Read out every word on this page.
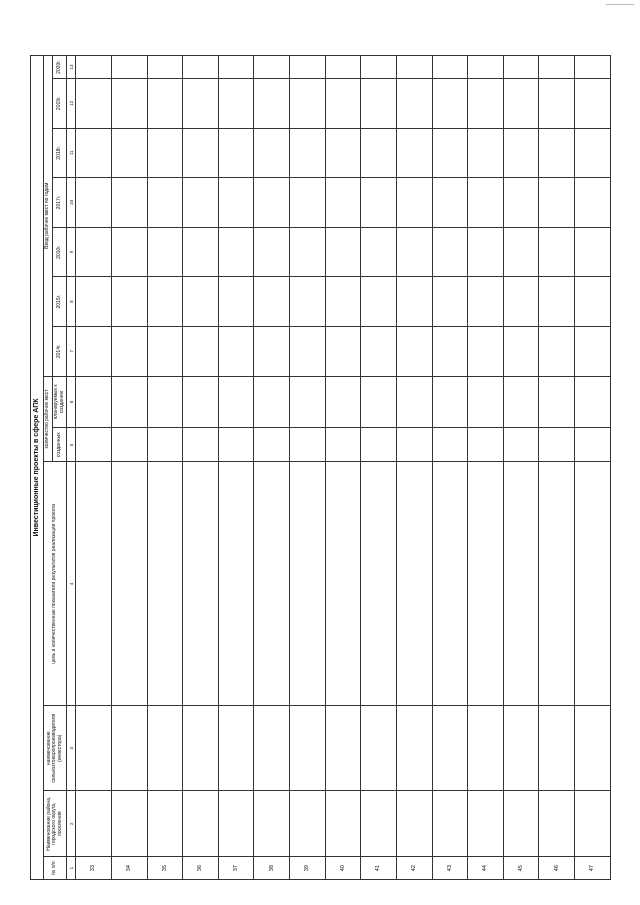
Инвестиционные проекты в сфере АПК												
№ п/п	Наименование района, городского округа, поселения	наименование сельхозтоваропроизводителя (инвестора)	цель и количественные показатели результатов реализации проекта	количество рабочих мест		Ввод рабочих мест по годам						
				созданных	планируемых к созданию	2014г.	2015г.	2016г.	2017г.	2018г.	2019г.	2020г.

1	2	3	4	5	6	7	8	9	10	11	12	13
33												
34												
35												
36												
37												
38												
39												
40												
41												
42												
43												
44												
45												
46												
47												
